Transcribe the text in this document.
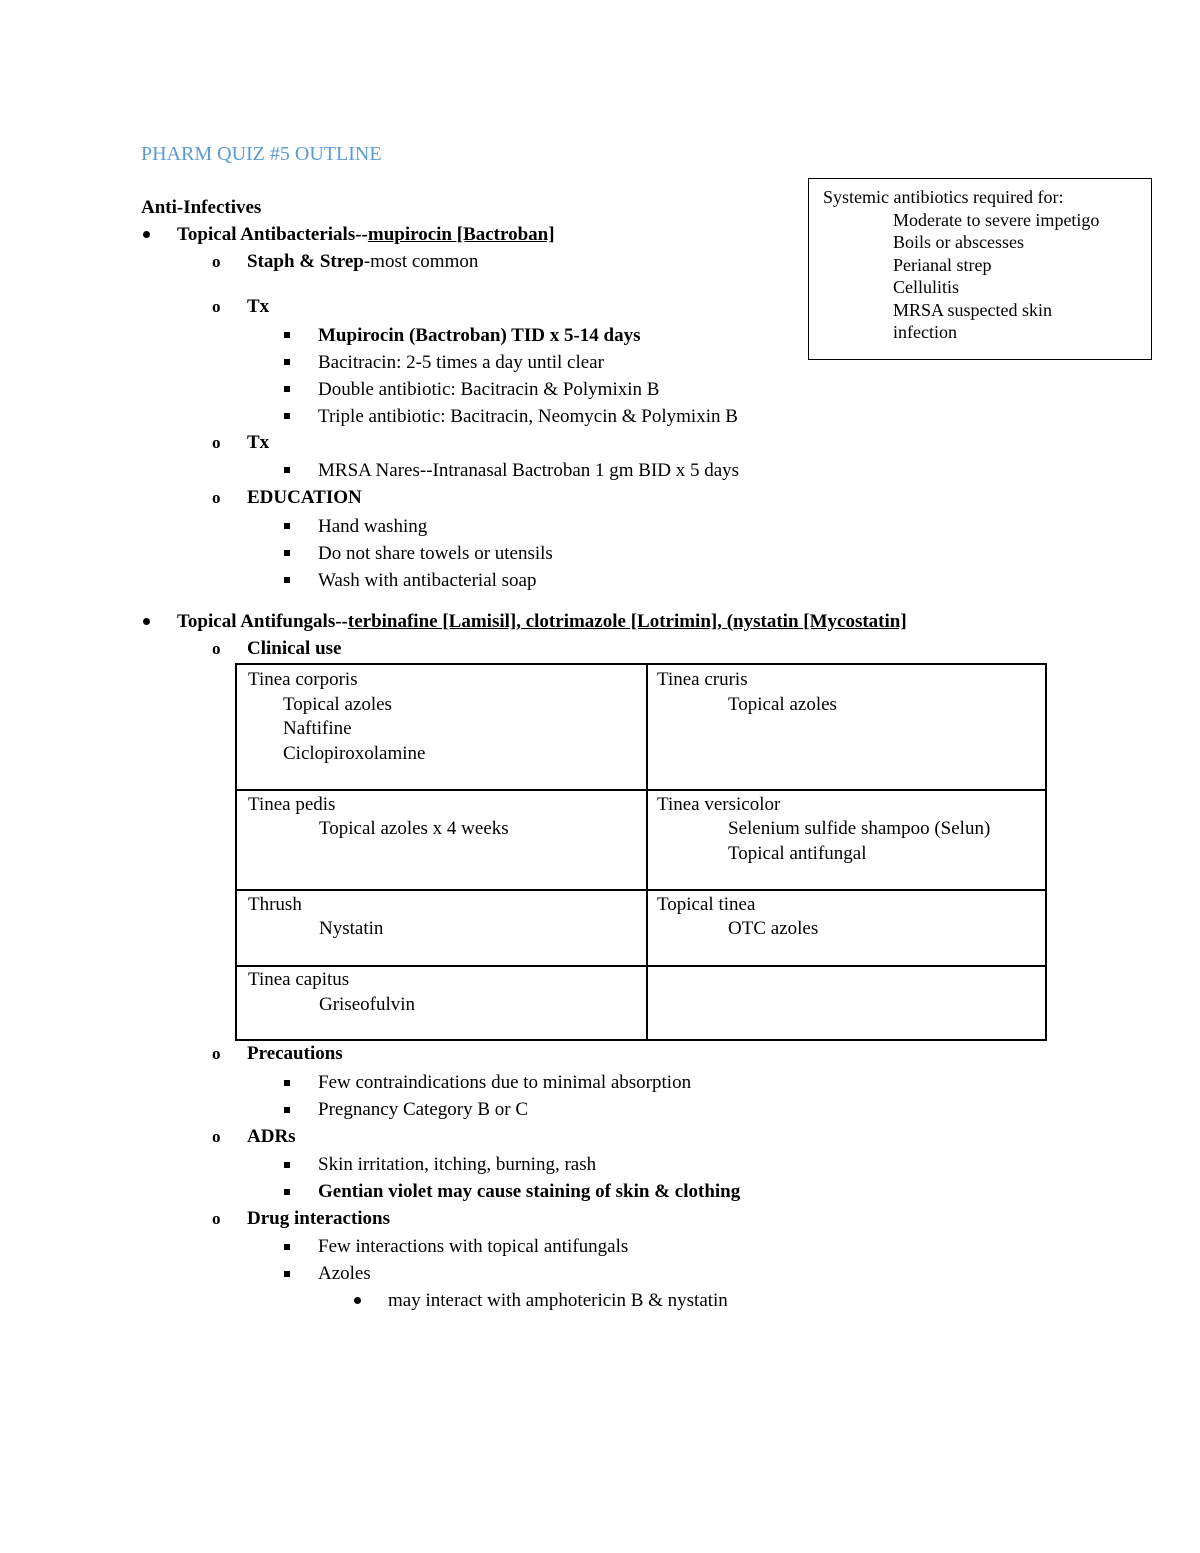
PHARM QUIZ #5 OUTLINE
Anti-Infectives
Topical Antibacterials--mupirocin [Bactroban]
o Staph & Strep-most common
o Tx
Mupirocin (Bactroban) TID x 5-14 days
Bacitracin: 2-5 times a day until clear
Double antibiotic: Bacitracin & Polymixin B
Triple antibiotic: Bacitracin, Neomycin & Polymixin B
o Tx
MRSA Nares--Intranasal Bactroban 1 gm BID x 5 days
o EDUCATION
Hand washing
Do not share towels or utensils
Wash with antibacterial soap
Systemic antibiotics required for:
Moderate to severe impetigo
Boils or abscesses
Perianal strep
Cellulitis
MRSA suspected skin
infection
Topical Antifungals--terbinafine [Lamisil], clotrimazole [Lotrimin], (nystatin [Mycostatin]
o Clinical use
Tinea corporis
Topical azoles
Naftifine
Ciclopiroxolamine
Tinea cruris
Topical azoles
Tinea pedis
Topical azoles x 4 weeks
Tinea versicolor
Selenium sulfide shampoo (Selun)
Topical antifungal
Thrush
Nystatin
Topical tinea
OTC azoles
Tinea capitus
Griseofulvin
o Precautions
Few contraindications due to minimal absorption
Pregnancy Category B or C
o ADRs
Skin irritation, itching, burning, rash
Gentian violet may cause staining of skin & clothing
o Drug interactions
Few interactions with topical antifungals
Azoles
may interact with amphotericin B & nystatin
